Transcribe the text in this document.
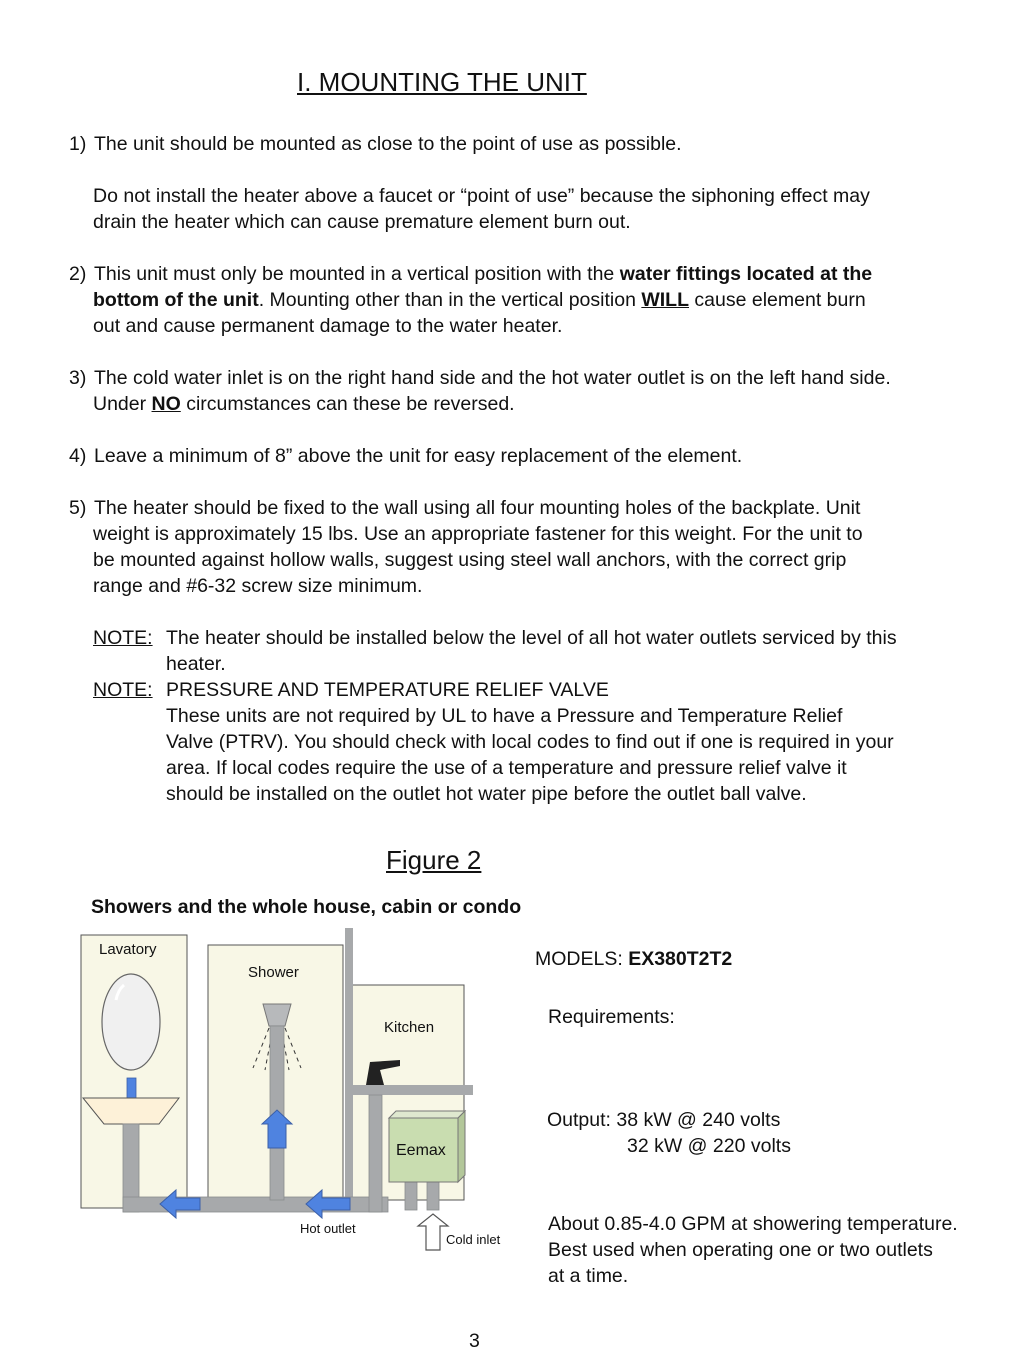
I. MOUNTING THE UNIT
1) The unit should be mounted as close to the point of use as possible.
Do not install the heater above a faucet or “point of use” because the siphoning effect may
drain the heater which can cause premature element burn out.
2) This unit must only be mounted in a vertical position with the water fittings located at the
bottom of the unit. Mounting other than in the vertical position WILL cause element burn
out and cause permanent damage to the water heater.
3) The cold water inlet is on the right hand side and the hot water outlet is on the left hand side.
Under NO circumstances can these be reversed.
4) Leave a minimum of 8” above the unit for easy replacement of the element.
5) The heater should be fixed to the wall using all four mounting holes of the backplate. Unit
weight is approximately 15 lbs. Use an appropriate fastener for this weight. For the unit to
be mounted against hollow walls, suggest using steel wall anchors, with the correct grip
range and #6-32 screw size minimum.
NOTE: The heater should be installed below the level of all hot water outlets serviced by this
heater.
NOTE: PRESSURE AND TEMPERATURE RELIEF VALVE
These units are not required by UL to have a Pressure and Temperature Relief
Valve (PTRV). You should check with local codes to find out if one is required in your
area. If local codes require the use of a temperature and pressure relief valve it
should be installed on the outlet hot water pipe before the outlet ball valve.
Figure 2
Showers and the whole house, cabin or condo
Lavatory
Shower
Kitchen
Eemax
Hot outlet
Cold inlet
MODELS: EX380T2T2
Requirements:
Output: 38 kW @ 240 volts
32 kW @ 220 volts
About 0.85-4.0 GPM at showering temperature.
Best used when operating one or two outlets
at a time.
3
